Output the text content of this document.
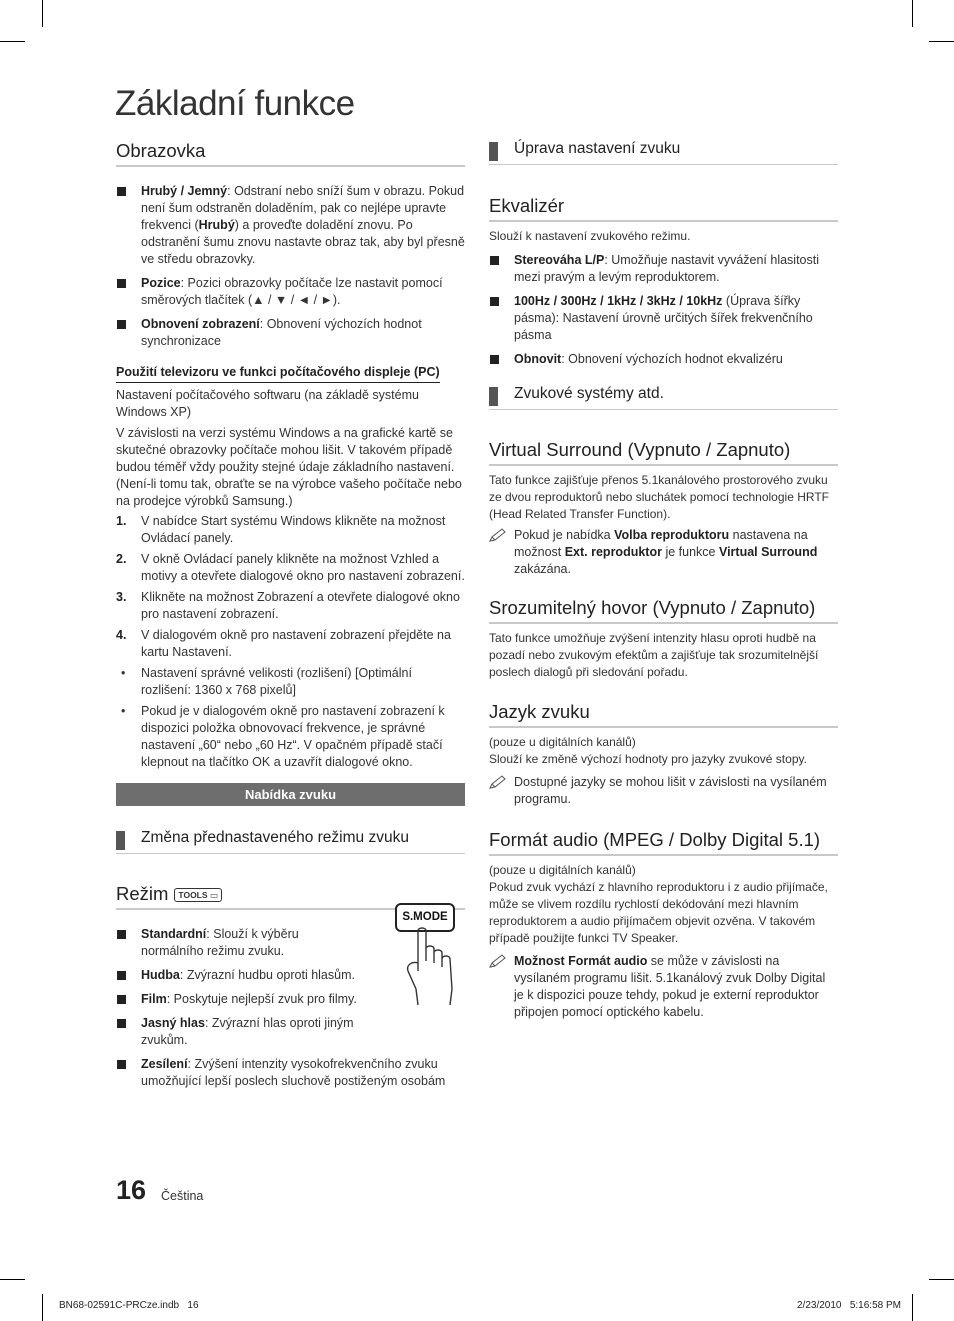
Základní funkce
Obrazovka
Hrubý / Jemný: Odstraní nebo sníží šum v obrazu. Pokud není šum odstraněn doladěním, pak co nejlépe upravte frekvenci (Hrubý) a proveďte doladění znovu. Po odstranění šumu znovu nastavte obraz tak, aby byl přesně ve středu obrazovky.
Pozice: Pozici obrazovky počítače lze nastavit pomocí směrových tlačítek (▲ / ▼ / ◄ / ►).
Obnovení zobrazení: Obnovení výchozích hodnot synchronizace
Použití televizoru ve funkci počítačového displeje (PC)

Nastavení počítačového softwaru (na základě systému Windows XP)

V závislosti na verzi systému Windows a na grafické kartě se skutečné obrazovky počítače mohou lišit. V takovém případě budou téměř vždy použity stejné údaje základního nastavení. (Není-li tomu tak, obraťte se na výrobce vašeho počítače nebo na prodejce výrobků Samsung.)

1. V nabídce Start systému Windows klikněte na možnost Ovládací panely.
2. V okně Ovládací panely klikněte na možnost Vzhled a motivy a otevřete dialogové okno pro nastavení zobrazení.
3. Klikněte na možnost Zobrazení a otevřete dialogové okno pro nastavení zobrazení.
4. V dialogovém okně pro nastavení zobrazení přejděte na kartu Nastavení.
• Nastavení správné velikosti (rozlišení) [Optimální rozlišení: 1360 x 768 pixelů]
• Pokud je v dialogovém okně pro nastavení zobrazení k dispozici položka obnovovací frekvence, je správné nastavení „60“ nebo „60 Hz“. V opačném případě stačí klepnout na tlačítko OK a uzavřít dialogové okno.
Nabídka zvuku
Změna přednastaveného režimu zvuku
Režim TOOLS ▭
S.MODE
Standardní: Slouží k výběru normálního režimu zvuku.
Hudba: Zvýrazní hudbu oproti hlasům.
Film: Poskytuje nejlepší zvuk pro filmy.
Jasný hlas: Zvýrazní hlas oproti jiným zvukům.
Zesílení: Zvýšení intenzity vysokofrekvenčního zvuku umožňující lepší poslech sluchově postiženým osobám
Úprava nastavení zvuku
Ekvalizér

Slouží k nastavení zvukového režimu.

Stereováha L/P: Umožňuje nastavit vyvážení hlasitosti mezi pravým a levým reproduktorem.
100Hz / 300Hz / 1kHz / 3kHz / 10kHz (Úprava šířky pásma): Nastavení úrovně určitých šířek frekvenčního pásma
Obnovit: Obnovení výchozích hodnot ekvalizéru
Zvukové systémy atd.
Virtual Surround (Vypnuto / Zapnuto)

Tato funkce zajišťuje přenos 5.1kanálového prostorového zvuku ze dvou reproduktorů nebo sluchátek pomocí technologie HRTF (Head Related Transfer Function).

Pokud je nabídka Volba reproduktoru nastavena na možnost Ext. reproduktor je funkce Virtual Surround zakázána.
Srozumitelný hovor (Vypnuto / Zapnuto)

Tato funkce umožňuje zvýšení intenzity hlasu oproti hudbě na pozadí nebo zvukovým efektům a zajišťuje tak srozumitelnější poslech dialogů při sledování pořadu.

Jazyk zvuku

(pouze u digitálních kanálů)

Slouží ke změně výchozí hodnoty pro jazyky zvukové stopy.

Dostupné jazyky se mohou lišit v závislosti na vysílaném programu.
Formát audio (MPEG / Dolby Digital 5.1)

(pouze u digitálních kanálů)

Pokud zvuk vychází z hlavního reproduktoru i z audio přijímače, může se vlivem rozdílu rychlostí dekódování mezi hlavním reproduktorem a audio přijímačem objevit ozvěna. V takovém případě použijte funkci TV Speaker.

Možnost Formát audio se může v závislosti na vysílaném programu lišit. 5.1kanálový zvuk Dolby Digital je k dispozici pouze tehdy, pokud je externí reproduktor připojen pomocí optického kabelu.
16 Čeština
BN68-02591C-PRCze.indb   16	2/23/2010   5:16:58 PM
